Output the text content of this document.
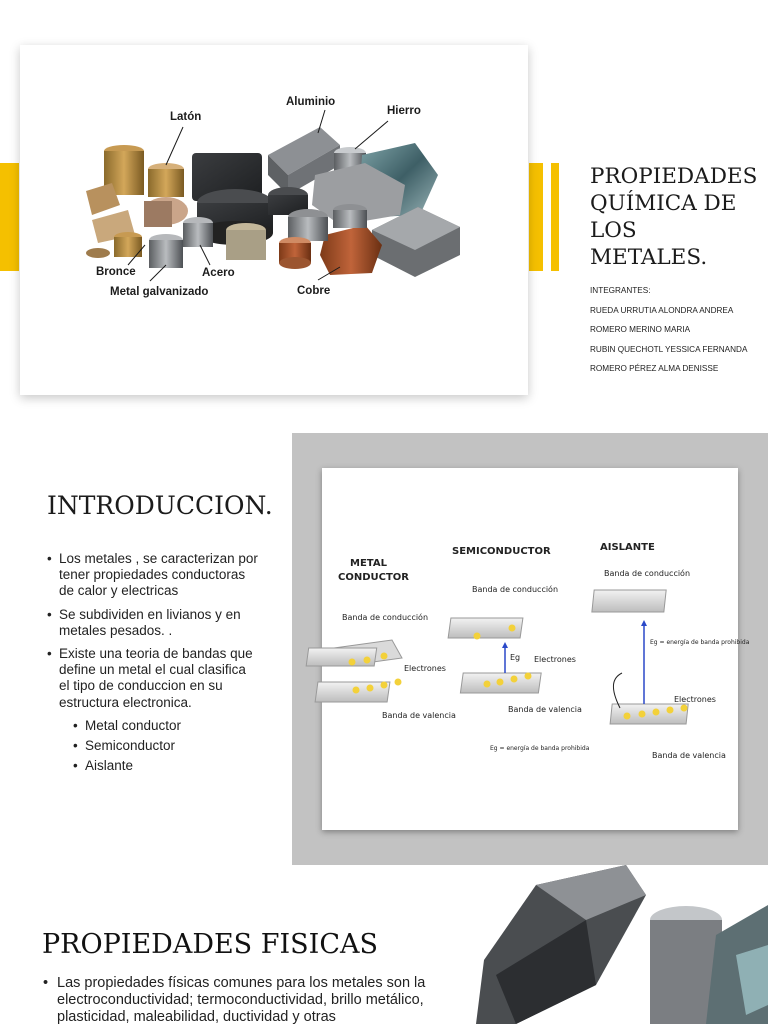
Latón
Aluminio
Hierro
Bronce	Acero
Metal galvanizado	Cobre
PROPIEDADES QUÍMICA DE LOS METALES.

INTEGRANTES:

RUEDA URRUTIA ALONDRA ANDREA

ROMERO MERINO MARIA

RUBIN QUECHOTL YESSICA FERNANDA

ROMERO PÉREZ ALMA DENISSE

INTRODUCCION.
• Los metales , se caracterizan por tener propiedades conductoras de calor y electricas
• Se subdividen en livianos y en metales pesados. .
• Existe una teoria de bandas que define un metal el cual clasifica el tipo de conduccion en su estructura electronica.
• Metal conductor
• Semiconductor
• Aislante
METAL
CONDUCTOR
SEMICONDUCTOR	AISLANTE
Banda de conducción
Banda de valencia
Electrones
Banda de conducción
Banda de valencia
Electrones
Eg
Eg = energía de banda prohibida
Banda de conducción
Eg = energía de banda prohibida
Electrones
Banda de valencia
PROPIEDADES FISICAS
• Las propiedades físicas comunes para los metales son la electroconductividad; termoconductividad, brillo metálico, plasticidad, maleabilidad, ductividad y otras
